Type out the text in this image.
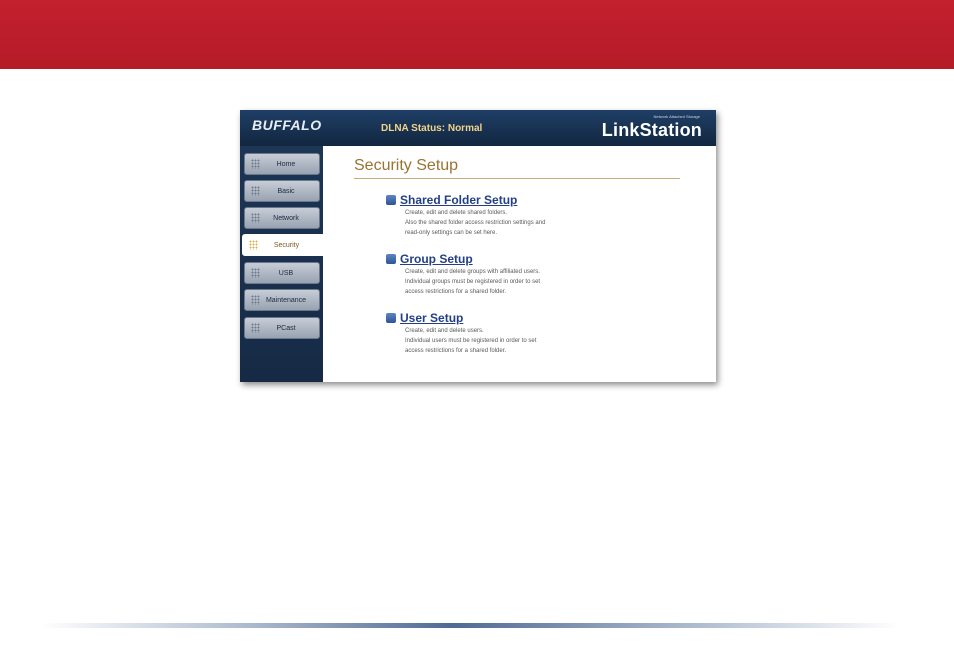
BUFFALO	DLNA Status: Normal
Network Attached Storage
LinkStation
Home
Basic
Network
Security
USB
Maintenance
PCast
Security Setup
Shared Folder Setup
Create, edit and delete shared folders.
Also the shared folder access restriction settings and
read-only settings can be set here.
Group Setup
Create, edit and delete groups with affiliated users.
Individual groups must be registered in order to set
access restrictions for a shared folder.
User Setup
Create, edit and delete users.
Individual users must be registered in order to set
access restrictions for a shared folder.
